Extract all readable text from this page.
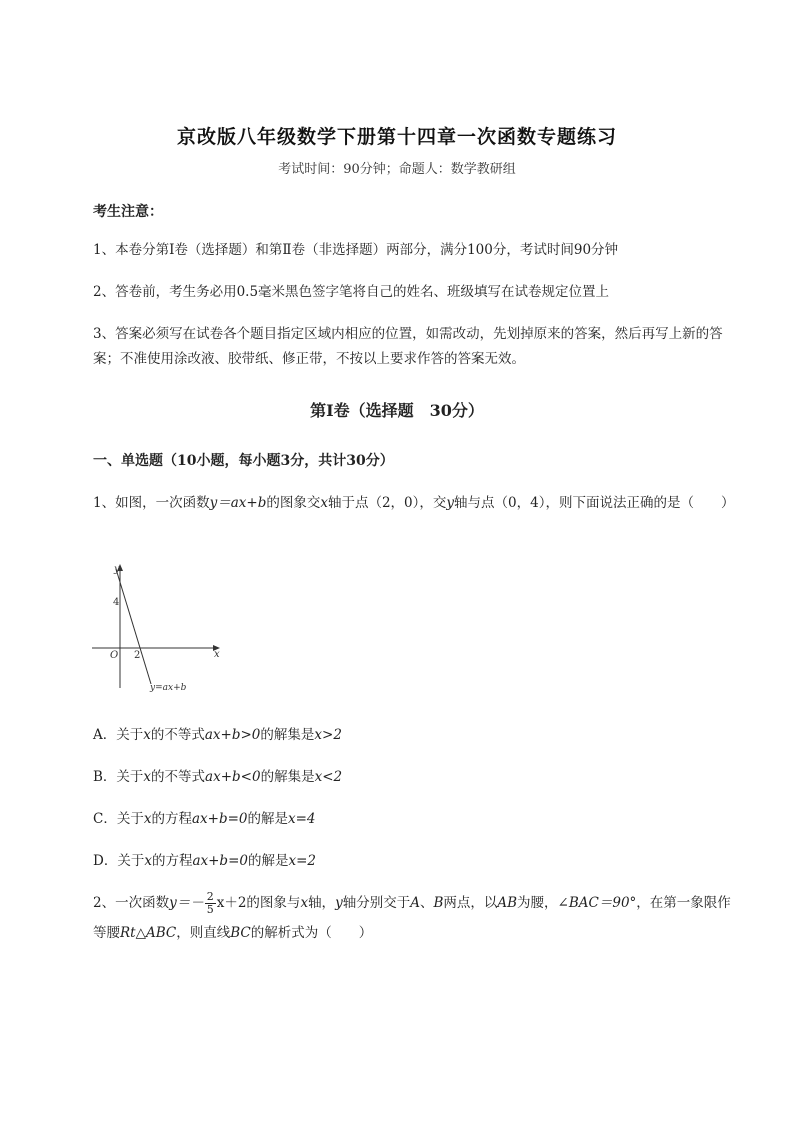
京改版八年级数学下册第十四章一次函数专题练习
考试时间：90分钟；命题人：数学教研组
考生注意：
1、本卷分第I卷（选择题）和第Ⅱ卷（非选择题）两部分，满分100分，考试时间90分钟
2、答卷前，考生务必用0.5毫米黑色签字笔将自己的姓名、班级填写在试卷规定位置上
3、答案必须写在试卷各个题目指定区域内相应的位置，如需改动，先划掉原来的答案，然后再写上新的答案；不准使用涂改液、胶带纸、修正带，不按以上要求作答的答案无效。
第I卷（选择题　30分）
一、单选题（10小题，每小题3分，共计30分）
1、如图，一次函数y＝ax+b的图象交x轴于点（2，0），交y轴与点（0，4），则下面说法正确的是（　　）
y
x
O
4
2
y=ax+b
A．关于x的不等式ax+b>0的解集是x>2
B．关于x的不等式ax+b<0的解集是x<2
C．关于x的方程ax+b=0的解是x=4
D．关于x的方程ax+b=0的解是x=2
2、一次函数$y=- \frac{2}{5} x+2$的图象与x轴，y轴分别交于A、B两点，以AB为腰，∠BAC＝90°，在第一象限作等腰Rt△ABC，则直线BC的解析式为（　　）
